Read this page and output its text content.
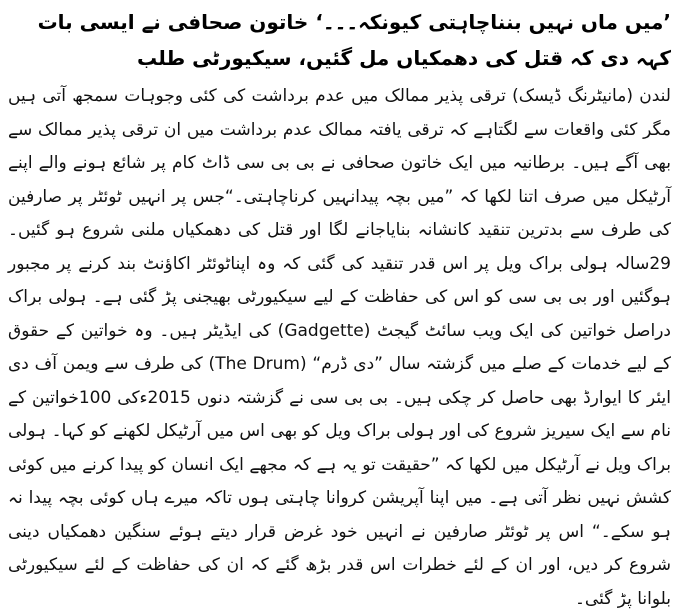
’میں ماں نہیں بنناچاہتی کیونکہ۔۔۔‘ خاتون صحافی نے ایسی بات کہہ دی کہ قتل کی دھمکیاں مل گئیں، سیکیورٹی طلب

لندن (مانیٹرنگ ڈیسک) ترقی پذیر ممالک میں عدم برداشت کی کئی وجوہات سمجھ آتی ہیں مگر کئی واقعات سے لگتاہے کہ ترقی یافتہ ممالک عدم برداشت میں ان ترقی پذیر ممالک سے بھی آگے ہیں۔ برطانیہ میں ایک خاتون صحافی نے بی بی سی ڈاٹ کام پر شائع ہونے والے اپنے آرٹیکل میں صرف اتنا لکھا کہ ”میں بچہ پیدانہیں کرناچاہتی۔“جس پر انہیں ٹوئٹر پر صارفین کی طرف سے بدترین تنقید کانشانہ بنایاجانے لگا اور قتل کی دھمکیاں ملنی شروع ہو گئیں۔ 29سالہ ہولی براک ویل پر اس قدر تنقید کی گئی کہ وہ اپناٹوئٹر اکاﺅنٹ بند کرنے پر مجبور ہوگئیں اور بی بی سی کو اس کی حفاظت کے لیے سیکیورٹی بھیجنی پڑ گئی ہے۔ ہولی براک دراصل خواتین کی ایک ویب سائٹ گیجٹ (Gadgette) کی ایڈیٹر ہیں۔ وہ خواتین کے حقوق کے لیے خدمات کے صلے میں گزشتہ سال ”دی ڈرم“ (The Drum) کی طرف سے ویمن آف دی ایئر کا ایوارڈ بھی حاصل کر چکی ہیں۔ بی بی سی نے گزشتہ دنوں 2015ءکی 100خواتین کے نام سے ایک سیریز شروع کی اور ہولی براک ویل کو بھی اس میں آرٹیکل لکھنے کو کہا۔ ہولی براک ویل نے آرٹیکل میں لکھا کہ ”حقیقت تو یہ ہے کہ مجھے ایک انسان کو پیدا کرنے میں کوئی کشش نہیں نظر آتی ہے۔ میں اپنا آپریشن کروانا چاہتی ہوں تاکہ میرے ہاں کوئی بچہ پیدا نہ ہو سکے۔“ اس پر ٹوئٹر صارفین نے انہیں خود غرض قرار دیتے ہوئے سنگین دھمکیاں دینی شروع کر دیں، اور ان کے لئے خطرات اس قدر بڑھ گئے کہ ان کی حفاظت کے لئے سیکیورٹی بلوانا پڑ گئی۔
